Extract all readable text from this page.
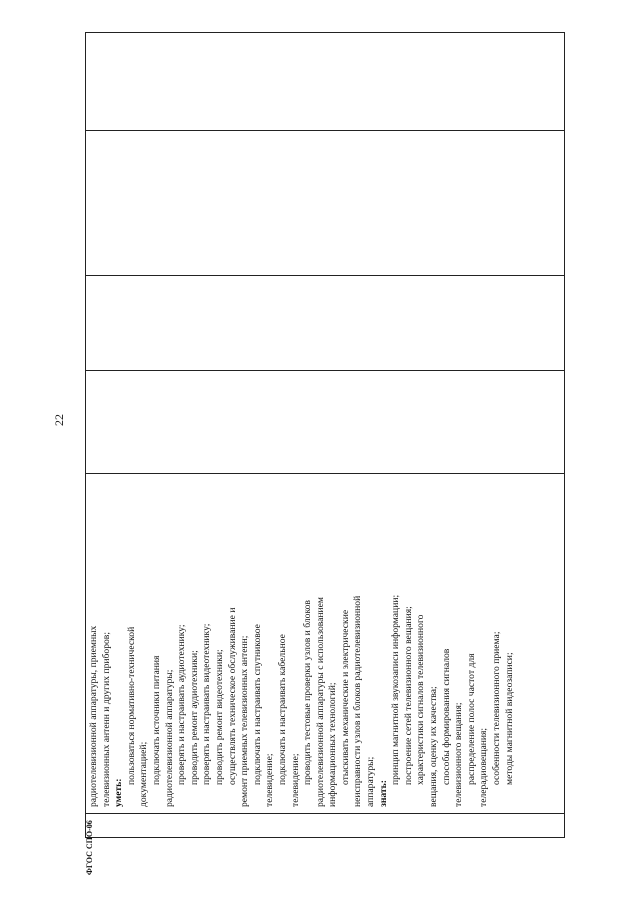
22
радиотелевизионной аппаратуры, приемных телевизионных антенн и других приборов; уметь:
пользоваться нормативно-технической документацией; подключать источники питания радиотелевизионной аппаратуры; проверять и настраивать аудиотехнику; проводить ремонт аудиотехники; проверять и настраивать видеотехнику; проводить ремонт видеотехники; осуществлять техническое обслуживание и ремонт приемных телевизионных антенн; подключать и настраивать спутниковое телевидение; подключать и настраивать кабельное телевидение; проводить тестовые проверки узлов и блоков радиотелевизионной аппаратуры с использованием информационных технологий; отыскивать механические и электрические неисправности узлов и блоков радиотелевизионной аппаратуры; знать:
принцип магнитной звукозаписи информации; построение сетей телевизионного вещания; характеристики сигналов телевизионного вещания, оценку их качества; способы формирования сигналов телевизионного вещания; распределение полос частот для телерадиовещания; особенности телевизионного приема; методы магнитной видеозаписи;
ФГОС СПО-06
